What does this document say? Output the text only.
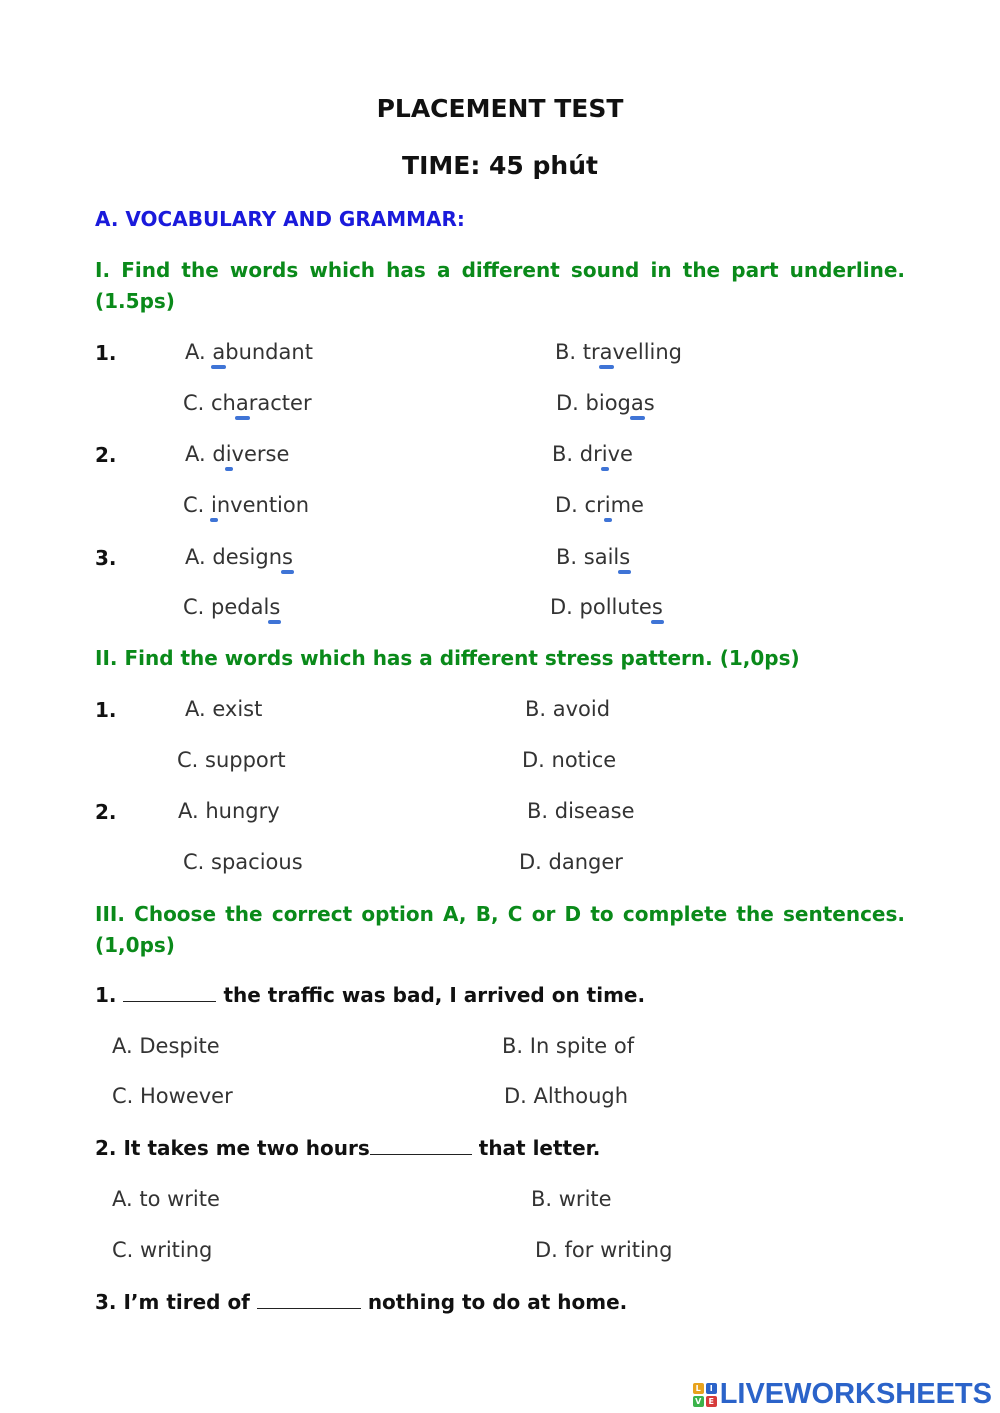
PLACEMENT TEST
TIME: 45 phút
A. VOCABULARY AND GRAMMAR:
I. Find the words which has a different sound in the part underline. (1.5ps)
1.	A. abundant	B. travelling
C. character	D. biogas
2.	A. diverse	B. drive
C. invention	D. crime
3.	A. designs	B. sails
C. pedals	D. pollutes
II. Find the words which has a different stress pattern. (1,0ps)
1.	A. exist	B. avoid
C. support	D. notice
2.	A. hungry	B. disease
C. spacious	D. danger
III. Choose the correct option A, B, C or D to complete the sentences. (1,0ps)
1.	the traffic was bad, I arrived on time.
A. Despite	B. In spite of
C. However	D. Although
2. It takes me two hours	that letter.
A. to write	B. write
C. writing	D. for writing
3. I’m tired of	nothing to do at home.
L	I
V E LIVEWORKSHEETS
